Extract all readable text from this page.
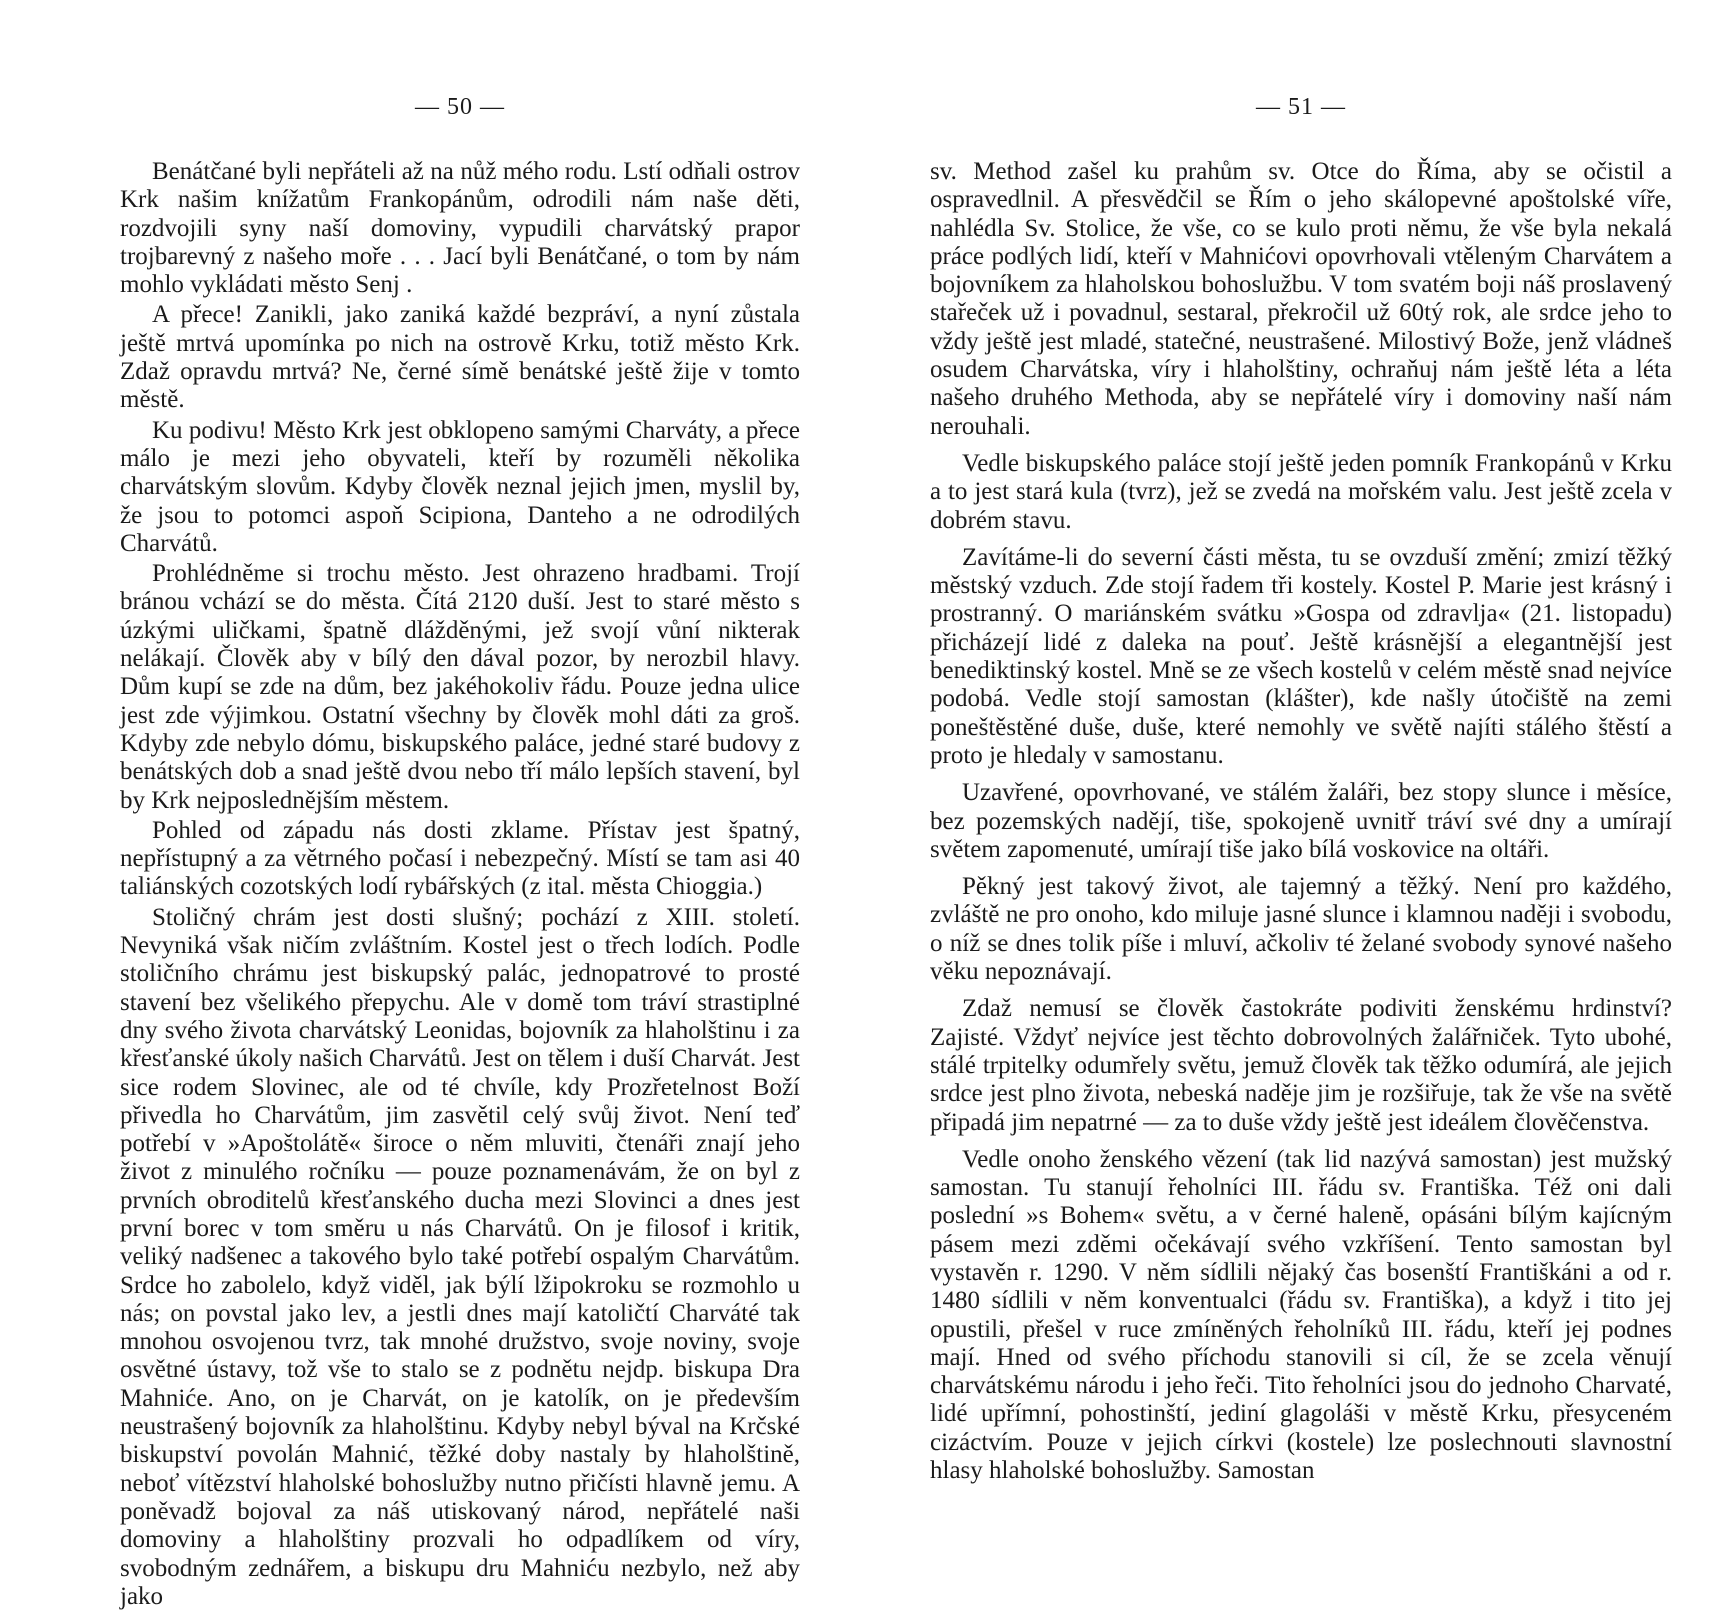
— 50 —

Benátčané byli nepřáteli až na nůž mého rodu. Lstí odňali ostrov Krk našim knížatům Frankopánům, odrodili nám naše děti, rozdvojili syny naší domoviny, vypudili charvátský prapor trojbarevný z našeho moře . . . Jací byli Benátčané, o tom by nám mohlo vykládati město Senj .

A přece! Zanikli, jako zaniká každé bezpráví, a nyní zůstala ještě mrtvá upomínka po nich na ostrově Krku, totiž město Krk. Zdaž opravdu mrtvá? Ne, černé símě benátské ještě žije v tomto městě.

Ku podivu! Město Krk jest obklopeno samými Charváty, a přece málo je mezi jeho obyvateli, kteří by rozuměli několika charvátským slovům. Kdyby člověk neznal jejich jmen, myslil by, že jsou to potomci aspoň Scipiona, Danteho a ne odrodilých Charvátů.

Prohlédněme si trochu město. Jest ohrazeno hradbami. Trojí bránou vchází se do města. Čítá 2120 duší. Jest to staré město s úzkými uličkami, špatně dlážděnými, jež svojí vůní nikterak nelákají. Člověk aby v bílý den dával pozor, by nerozbil hlavy. Dům kupí se zde na dům, bez jakéhokoliv řádu. Pouze jedna ulice jest zde výjimkou. Ostatní všechny by člověk mohl dáti za groš. Kdyby zde nebylo dómu, biskupského paláce, jedné staré budovy z benátských dob a snad ještě dvou nebo tří málo lepších stavení, byl by Krk nejposlednějším městem.

Pohled od západu nás dosti zklame. Přístav jest špatný, nepřístupný a za větrného počasí i nebezpečný. Místí se tam asi 40 taliánských cozotských lodí rybářských (z ital. města Chioggia.)

Stoličný chrám jest dosti slušný; pochází z XIII. století. Nevyniká však ničím zvláštním. Kostel jest o třech lodích. Podle stoličního chrámu jest biskupský palác, jednopatrové to prosté stavení bez všelikého přepychu. Ale v domě tom tráví strastiplné dny svého života charvátský Leonidas, bojovník za hlaholštinu i za křesťanské úkoly našich Charvátů. Jest on tělem i duší Charvát. Jest sice rodem Slovinec, ale od té chvíle, kdy Prozřetelnost Boží přivedla ho Charvátům, jim zasvětil celý svůj život. Není teď potřebí v »Apoštolátě« široce o něm mluviti, čtenáři znají jeho život z minulého ročníku — pouze poznamenávám, že on byl z prvních obroditelů křesťanského ducha mezi Slovinci a dnes jest první borec v tom směru u nás Charvátů. On je filosof i kritik, veliký nadšenec a takového bylo také potřebí ospalým Charvátům. Srdce ho zabolelo, když viděl, jak býlí lžipokroku se rozmohlo u nás; on povstal jako lev, a jestli dnes mají katoličtí Charváté tak mnohou osvojenou tvrz, tak mnohé družstvo, svoje noviny, svoje osvětné ústavy, tož vše to stalo se z podnětu nejdp. biskupa Dra Mahniće. Ano, on je Charvát, on je katolík, on je především neustrašený bojovník za hlaholštinu. Kdyby nebyl býval na Krčské biskupství povolán Mahnić, těžké doby nastaly by hlaholštině, neboť vítězství hlaholské bohoslužby nutno přičísti hlavně jemu. A poněvadž bojoval za náš utiskovaný národ, nepřátelé naši domoviny a hlaholštiny prozvali ho odpadlíkem od víry, svobodným zednářem, a biskupu dru Mahniću nezbylo, než aby jako

— 51 —

sv. Method zašel ku prahům sv. Otce do Říma, aby se očistil a ospravedlnil. A přesvědčil se Řím o jeho skálopevné apoštolské víře, nahlédla Sv. Stolice, že vše, co se kulo proti němu, že vše byla nekalá práce podlých lidí, kteří v Mahnićovi opovrhovali vtěleným Charvátem a bojovníkem za hlaholskou bohoslužbu. V tom svatém boji náš proslavený stařeček už i povadnul, sestaral, překročil už 60tý rok, ale srdce jeho to vždy ještě jest mladé, statečné, neustrašené. Milostivý Bože, jenž vládneš osudem Charvátska, víry i hlaholštiny, ochraňuj nám ještě léta a léta našeho druhého Methoda, aby se nepřátelé víry i domoviny naší nám nerouhali.

Vedle biskupského paláce stojí ještě jeden pomník Frankopánů v Krku a to jest stará kula (tvrz), jež se zvedá na mořském valu. Jest ještě zcela v dobrém stavu.

Zavítáme-li do severní části města, tu se ovzduší změní; zmizí těžký městský vzduch. Zde stojí řadem tři kostely. Kostel P. Marie jest krásný i prostranný. O mariánském svátku »Gospa od zdravlja« (21. listopadu) přicházejí lidé z daleka na pouť. Ještě krásnější a elegantnější jest benediktinský kostel. Mně se ze všech kostelů v celém městě snad nejvíce podobá. Vedle stojí samostan (klášter), kde našly útočiště na zemi poneštěstěné duše, duše, které nemohly ve světě najíti stálého štěstí a proto je hledaly v samostanu.

Uzavřené, opovrhované, ve stálém žaláři, bez stopy slunce i měsíce, bez pozemských nadějí, tiše, spokojeně uvnitř tráví své dny a umírají světem zapomenuté, umírají tiše jako bílá voskovice na oltáři.

Pěkný jest takový život, ale tajemný a těžký. Není pro každého, zvláště ne pro onoho, kdo miluje jasné slunce i klamnou naději i svobodu, o níž se dnes tolik píše i mluví, ačkoliv té želané svobody synové našeho věku nepoznávají.

Zdaž nemusí se člověk častokráte podiviti ženskému hrdinství? Zajisté. Vždyť nejvíce jest těchto dobrovolných žalářniček. Tyto ubohé, stálé trpitelky odumřely světu, jemuž člověk tak těžko odumírá, ale jejich srdce jest plno života, nebeská naděje jim je rozšiřuje, tak že vše na světě připadá jim nepatrné — za to duše vždy ještě jest ideálem člověčenstva.

Vedle onoho ženského vězení (tak lid nazývá samostan) jest mužský samostan. Tu stanují řeholníci III. řádu sv. Františka. Též oni dali poslední »s Bohem« světu, a v černé haleně, opásáni bílým kajícným pásem mezi zděmi očekávají svého vzkříšení. Tento samostan byl vystavěn r. 1290. V něm sídlili nějaký čas bosenští Františkáni a od r. 1480 sídlili v něm konventualci (řádu sv. Františka), a když i tito jej opustili, přešel v ruce zmíněných řeholníků III. řádu, kteří jej podnes mají. Hned od svého příchodu stanovili si cíl, že se zcela věnují charvátskému národu i jeho řeči. Tito řeholníci jsou do jednoho Charvaté, lidé upřímní, pohostinští, jediní glagoláši v městě Krku, přesyceném cizáctvím. Pouze v jejich církvi (kostele) lze poslechnouti slavnostní hlasy hlaholské bohoslužby. Samostan
